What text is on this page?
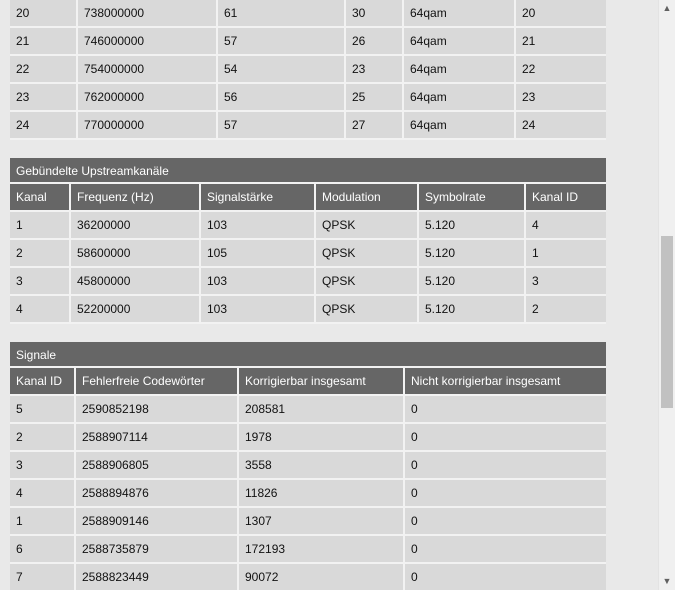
20	738000000	61	30	64qam	20
21	746000000	57	26	64qam	21
22	754000000	54	23	64qam	22
23	762000000	56	25	64qam	23
24	770000000	57	27	64qam	24
Gebündelte Upstreamkanäle
Kanal	Frequenz (Hz)	Signalstärke	Modulation	Symbolrate	Kanal ID
1	36200000	103	QPSK	5.120	4
2	58600000	105	QPSK	5.120	1
3	45800000	103	QPSK	5.120	3
4	52200000	103	QPSK	5.120	2
Signale
Kanal ID	Fehlerfreie Codewörter	Korrigierbar insgesamt	Nicht korrigierbar insgesamt
5	2590852198	208581	0
2	2588907114	1978	0
3	2588906805	3558	0
4	2588894876	11826	0
1	2588909146	1307	0
6	2588735879	172193	0
7	2588823449	90072	0
▲
▼
